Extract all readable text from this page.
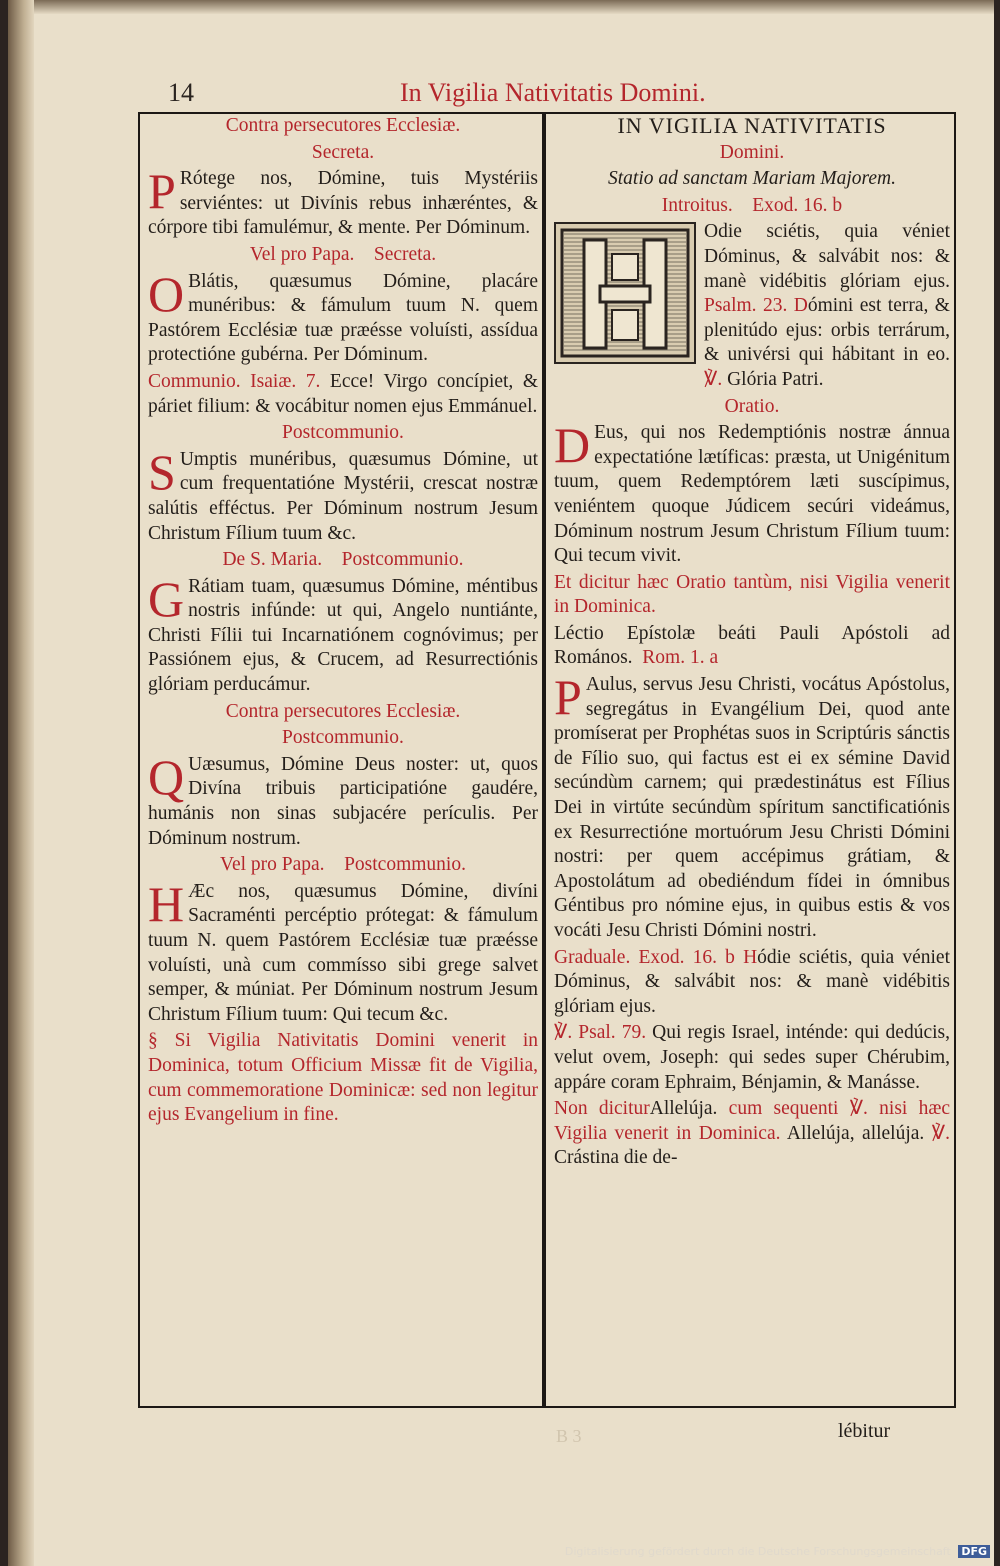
14	In Vigilia Nativitatis Domini.
Contra persecutores Ecclesiæ.
Secreta.
P Rótege nos, Dómine, tuis Mystériis serviéntes: ut Divínis rebus inhæréntes, & córpore tibi famulémur, & mente. Per Dóminum.
Vel pro Papa. Secreta.
O Blátis, quæsumus Dómine, placáre munéribus: & fámulum tuum N. quem Pastórem Ecclésiæ tuæ præésse voluísti, assídua protectióne gubérna. Per Dóminum.
Communio. Isaiæ. 7. Ecce! Virgo concípiet, & páriet filium: & vocábitur nomen ejus Emmánuel.
Postcommunio.
S Umptis munéribus, quæsumus Dómine, ut cum frequentatióne Mystérii, crescat nostræ salútis efféctus. Per Dóminum nostrum Jesum Christum Fílium tuum &c.
De S. Maria. Postcommunio.
G Rátiam tuam, quæsumus Dómine, méntibus nostris infúnde: ut qui, Angelo nuntiánte, Christi Fílii tui Incarnatiónem cognóvimus; per Passiónem ejus, & Crucem, ad Resurrectiónis glóriam perducámur.
Contra persecutores Ecclesiæ.
Postcommunio.
Q Uæsumus, Dómine Deus noster: ut, quos Divína tribuis participatióne gaudére, humánis non sinas subjacére perículis. Per Dóminum nostrum.
Vel pro Papa. Postcommunio.
H Æc nos, quæsumus Dómine, divíni Sacraménti percéptio prótegat: & fámulum tuum N. quem Pastórem Ecclésiæ tuæ præésse voluísti, unà cum commísso sibi grege salvet semper, & múniat. Per Dóminum nostrum Jesum Christum Fílium tuum: Qui tecum &c.
§ Si Vigilia Nativitatis Domini venerit in Dominica, totum Officium Missæ fit de Vigilia, cum commemoratione Dominicæ: sed non legitur ejus Evangelium in fine.
IN VIGILIA NATIVITATIS
Domini.
Statio ad sanctam Mariam Majorem.
Introitus. Exod. 16. b
Odie sciétis, quia véniet Dóminus, & salvábit nos: & manè vidébitis glóriam ejus. Psalm. 23. Dómini est terra, & plenitúdo ejus: orbis terrárum, & univérsi qui hábitant in eo. ℣. Glória Patri.
Oratio.
D Eus, qui nos Redemptiónis nostræ ánnua expectatióne lætíficas: præsta, ut Unigénitum tuum, quem Redemptórem læti suscípimus, veniéntem quoque Júdicem secúri videámus, Dóminum nostrum Jesum Christum Fílium tuum: Qui tecum vivit.
Et dicitur hæc Oratio tantùm, nisi Vigilia venerit in Dominica.
Léctio Epístolæ beáti Pauli Apóstoli ad Romános. Rom. 1. a
P Aulus, servus Jesu Christi, vocátus Apóstolus, segregátus in Evangélium Dei, quod ante promíserat per Prophétas suos in Scriptúris sánctis de Fílio suo, qui factus est ei ex sémine David secúndùm carnem; qui prædestinátus est Fílius Dei in virtúte secúndùm spíritum sanctificatiónis ex Resurrectióne mortuórum Jesu Christi Dómini nostri: per quem accépimus grátiam, & Apostolátum ad obediéndum fídei in ómnibus Géntibus pro nómine ejus, in quibus estis & vos vocáti Jesu Christi Dómini nostri.
Graduale. Exod. 16. b Hódie sciétis, quia véniet Dóminus, & salvábit nos: & manè vidébitis glóriam ejus.
℣. Psal. 79. Qui regis Israel, inténde: qui dedúcis, velut ovem, Joseph: qui sedes super Chérubim, appáre coram Ephraim, Bénjamin, & Manásse.
Non diciturAllelúja. cum sequenti ℣. nisi hæc Vigilia venerit in Dominica. Allelúja, allelúja. ℣. Crástina die de-
B 3	lébitur
Digitalisierung gefördert durch die Deutsche Forschungsgemeinschaft DFG
